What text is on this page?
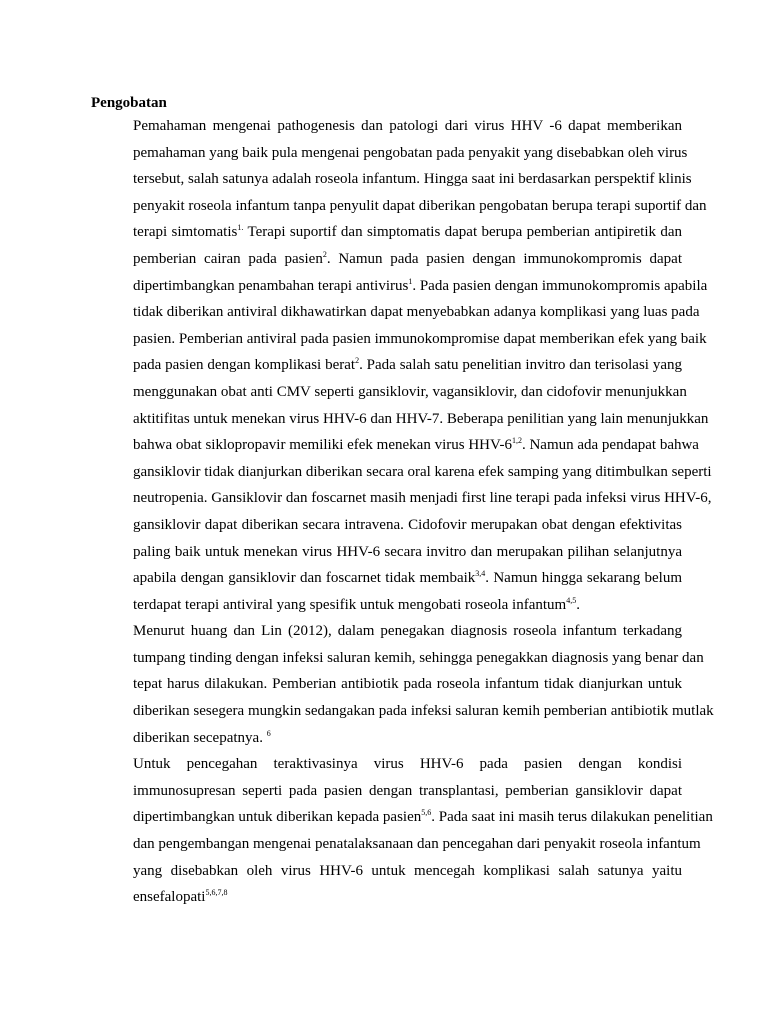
Pengobatan

Pemahaman mengenai pathogenesis dan patologi dari virus HHV -6 dapat memberikan
pemahaman yang baik pula mengenai pengobatan pada penyakit yang disebabkan oleh virus
tersebut, salah satunya adalah roseola infantum. Hingga saat ini berdasarkan perspektif klinis
penyakit roseola infantum tanpa penyulit dapat diberikan pengobatan berupa terapi suportif dan
terapi simtomatis$^{1.}$ Terapi suportif dan simptomatis dapat berupa pemberian antipiretik dan
pemberian cairan pada pasien$^2$. Namun pada pasien dengan immunokompromis dapat
dipertimbangkan penambahan terapi antivirus$^1$. Pada pasien dengan immunokompromis apabila
tidak diberikan antiviral dikhawatirkan dapat menyebabkan adanya komplikasi yang luas pada
pasien. Pemberian antiviral pada pasien immunokompromise dapat memberikan efek yang baik
pada pasien dengan komplikasi berat$^2$. Pada salah satu penelitian invitro dan terisolasi yang
menggunakan obat anti CMV seperti gansiklovir, vagansiklovir, dan cidofovir menunjukkan
aktitifitas untuk menekan virus HHV-6 dan HHV-7. Beberapa penilitian yang lain menunjukkan
bahwa obat siklopropavir memiliki efek menekan virus HHV-6$^{1,2}$. Namun ada pendapat bahwa
gansiklovir tidak dianjurkan diberikan secara oral karena efek samping yang ditimbulkan seperti
neutropenia. Gansiklovir dan foscarnet masih menjadi first line terapi pada infeksi virus HHV-6,
gansiklovir dapat diberikan secara intravena. Cidofovir merupakan obat dengan efektivitas
paling baik untuk menekan virus HHV-6 secara invitro dan merupakan pilihan selanjutnya
apabila dengan gansiklovir dan foscarnet tidak membaik$^{3,4}$. Namun hingga sekarang belum
terdapat terapi antiviral yang spesifik untuk mengobati roseola infantum$^{4,5}$.

Menurut huang dan Lin (2012), dalam penegakan diagnosis roseola infantum terkadang
tumpang tinding dengan infeksi saluran kemih, sehingga penegakkan diagnosis yang benar dan
tepat harus dilakukan. Pemberian antibiotik pada roseola infantum tidak dianjurkan untuk
diberikan sesegera mungkin sedangakan pada infeksi saluran kemih pemberian antibiotik mutlak
diberikan secepatnya. $^6$

Untuk pencegahan teraktivasinya virus HHV-6 pada pasien dengan kondisi
immunosupresan seperti pada pasien dengan transplantasi, pemberian gansiklovir dapat
dipertimbangkan untuk diberikan kepada pasien$^{5,6}$. Pada saat ini masih terus dilakukan penelitian
dan pengembangan mengenai penatalaksanaan dan pencegahan dari penyakit roseola infantum
yang disebabkan oleh virus HHV-6 untuk mencegah komplikasi salah satunya yaitu
ensefalopati$^{5,6,7,8}$
